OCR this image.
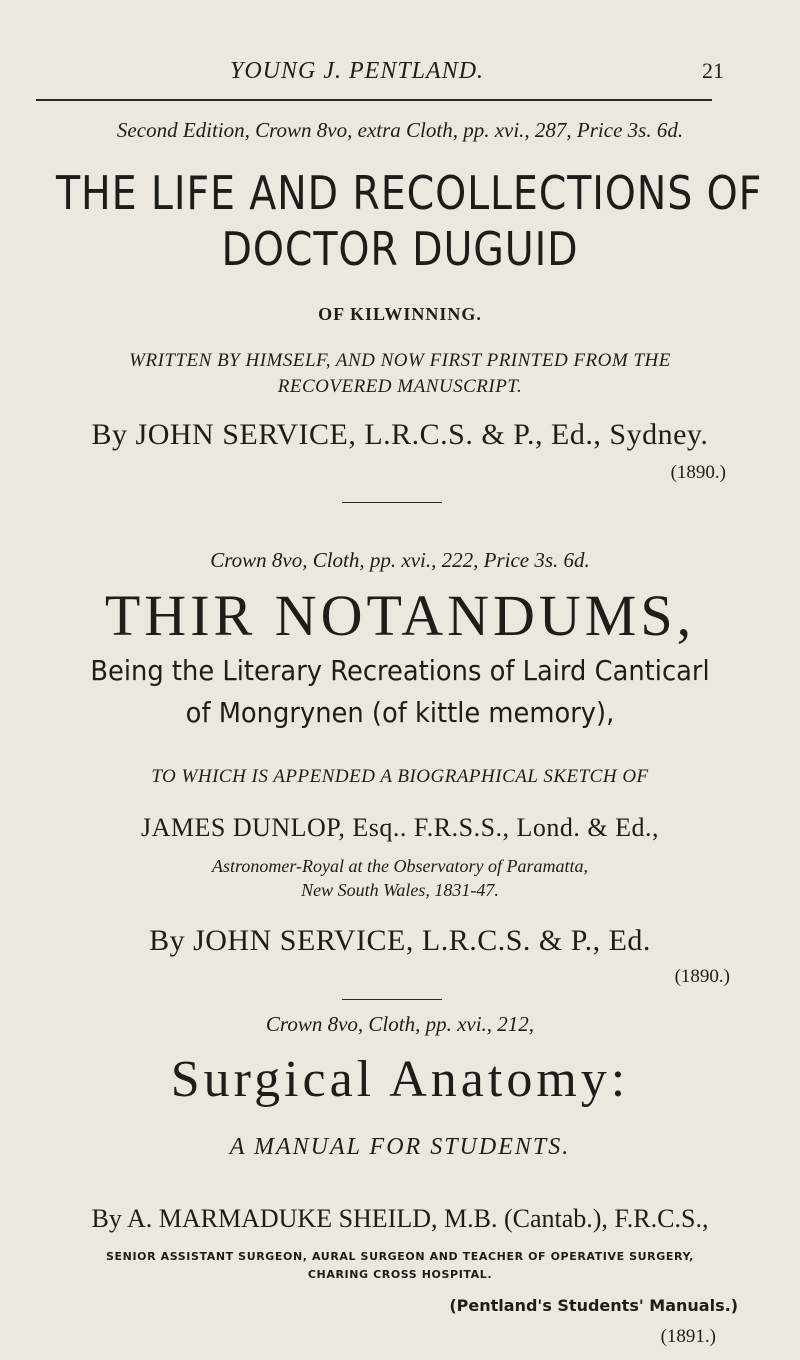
YOUNG J. PENTLAND.	21
Second Edition, Crown 8vo, extra Cloth, pp. xvi., 287, Price 3s. 6d.
THE LIFE AND RECOLLECTIONS OF
DOCTOR DUGUID
OF KILWINNING.
WRITTEN BY HIMSELF, AND NOW FIRST PRINTED FROM THE
RECOVERED MANUSCRIPT.
By JOHN SERVICE, L.R.C.S. & P., Ed., Sydney.
(1890.)
Crown 8vo, Cloth, pp. xvi., 222, Price 3s. 6d.
THIR NOTANDUMS,
Being the Literary Recreations of Laird Canticarl
of Mongrynen (of kittle memory),
TO WHICH IS APPENDED A BIOGRAPHICAL SKETCH OF
JAMES DUNLOP, Esq.. F.R.S.S., Lond. & Ed.,
Astronomer-Royal at the Observatory of Paramatta,
New South Wales, 1831-47.
By JOHN SERVICE, L.R.C.S. & P., Ed.
(1890.)
Crown 8vo, Cloth, pp. xvi., 212,
Surgical Anatomy:
A MANUAL FOR STUDENTS.
By A. MARMADUKE SHEILD, M.B. (Cantab.), F.R.C.S.,
SENIOR ASSISTANT SURGEON, AURAL SURGEON AND TEACHER OF OPERATIVE SURGERY,
CHARING CROSS HOSPITAL.
(Pentland's Students' Manuals.)
(1891.)
